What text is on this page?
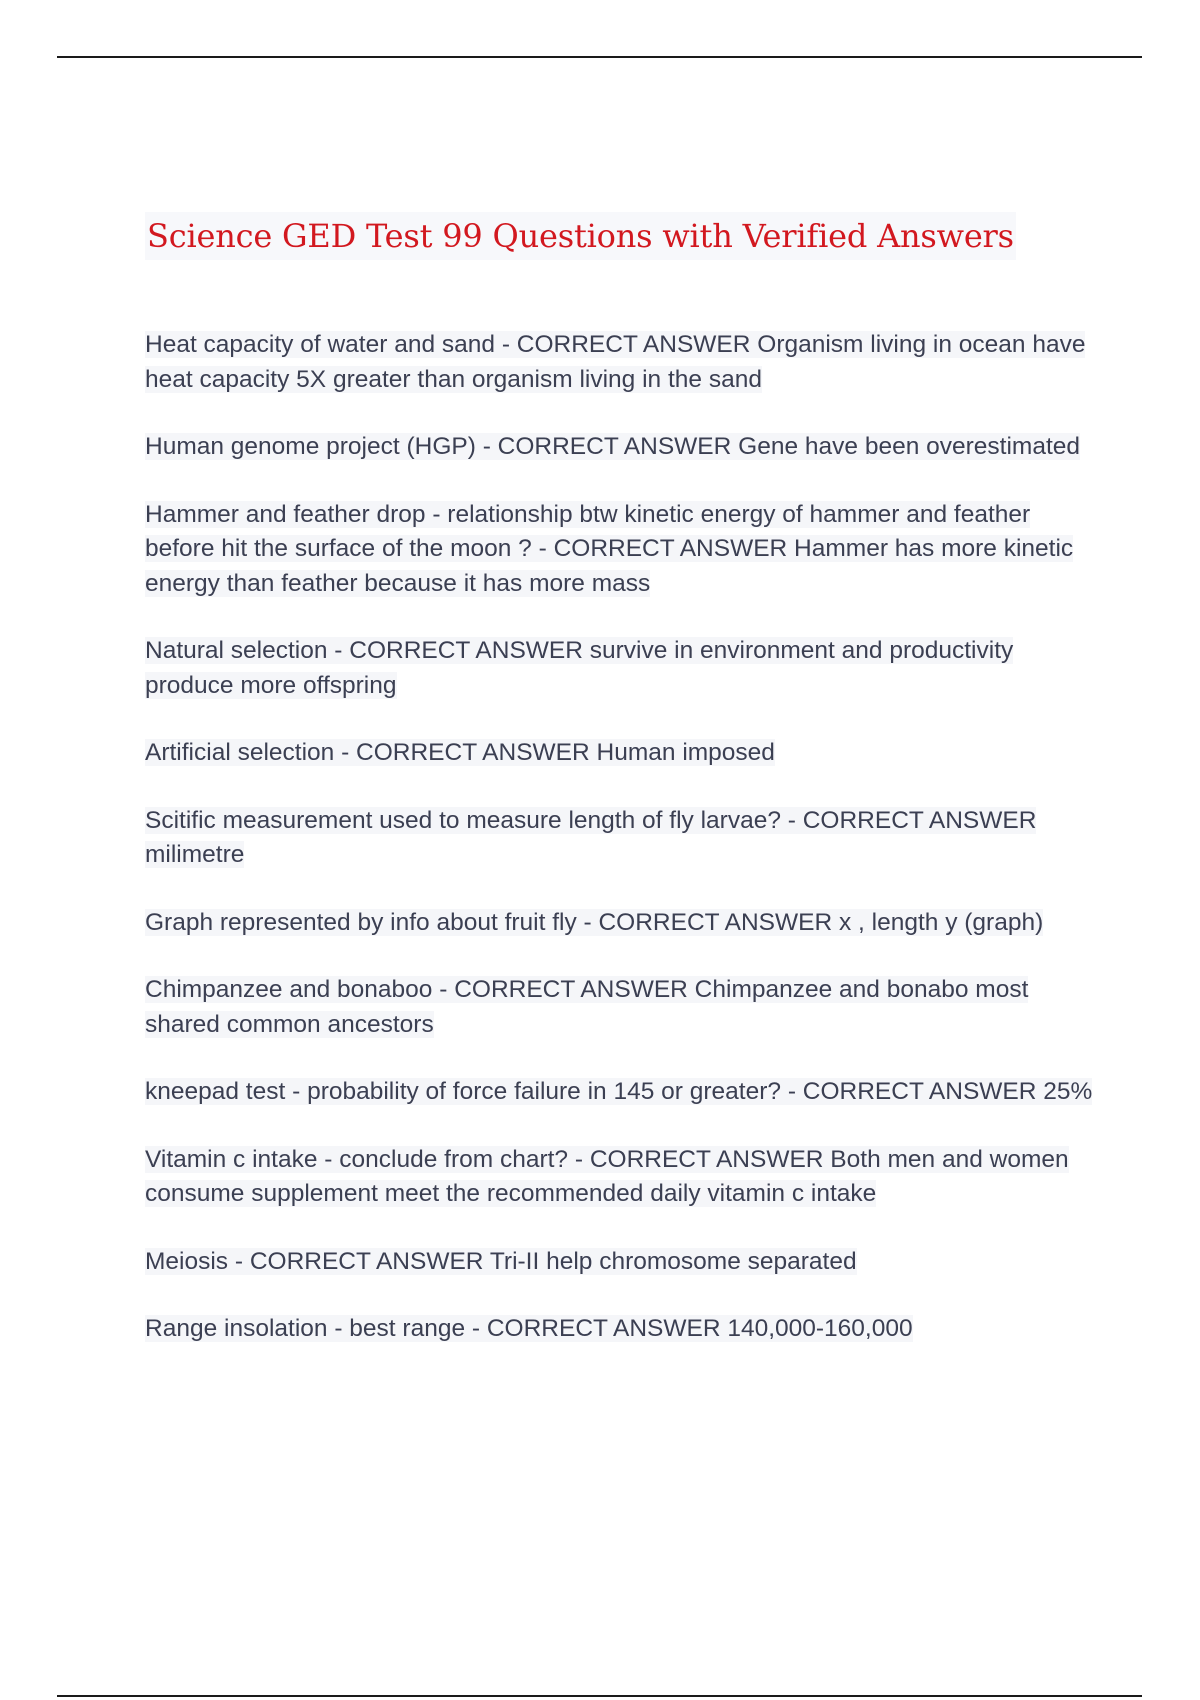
Science GED Test 99 Questions with Verified Answers
Heat capacity of water and sand - CORRECT ANSWER Organism living in ocean have heat capacity 5X greater than organism living in the sand
Human genome project (HGP) - CORRECT ANSWER Gene have been overestimated
Hammer and feather drop - relationship btw kinetic energy of hammer and feather before hit the surface of the moon ? - CORRECT ANSWER Hammer has more kinetic energy than feather because it has more mass
Natural selection - CORRECT ANSWER survive in environment and productivity produce more offspring
Artificial selection - CORRECT ANSWER Human imposed
Scitific measurement used to measure length of fly larvae? - CORRECT ANSWER milimetre
Graph represented by info about fruit fly - CORRECT ANSWER x , length y (graph)
Chimpanzee and bonaboo - CORRECT ANSWER Chimpanzee and bonabo most shared common ancestors
kneepad test - probability of force failure in 145 or greater? - CORRECT ANSWER 25%
Vitamin c intake - conclude from chart? - CORRECT ANSWER Both men and women consume supplement meet the recommended daily vitamin c intake
Meiosis - CORRECT ANSWER Tri-II help chromosome separated
Range insolation - best range - CORRECT ANSWER 140,000-160,000
